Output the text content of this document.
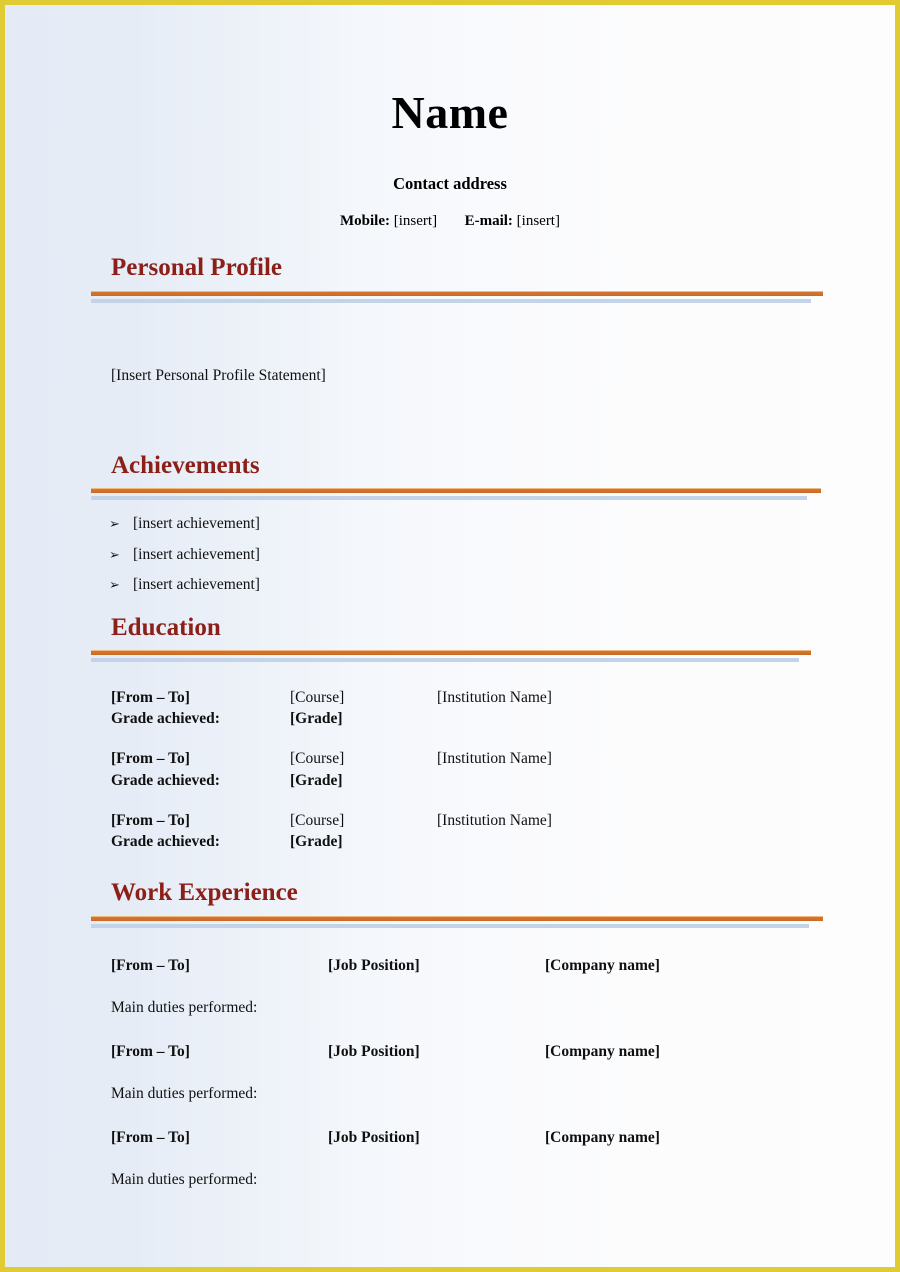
Name
Contact address
Mobile: [insert] E-mail: [insert]
Personal Profile
[Insert Personal Profile Statement]
Achievements
➢ [insert achievement]
➢ [insert achievement]
➢ [insert achievement]
Education
[From – To]	[Course]	[Institution Name]
Grade achieved:	[Grade]
[From – To]	[Course]	[Institution Name]
Grade achieved:	[Grade]
[From – To]	[Course]	[Institution Name]
Grade achieved:	[Grade]
Work Experience
[From – To]	[Job Position]	[Company name]
Main duties performed:
[From – To]	[Job Position]	[Company name]
Main duties performed:
[From – To]	[Job Position]	[Company name]
Main duties performed:
